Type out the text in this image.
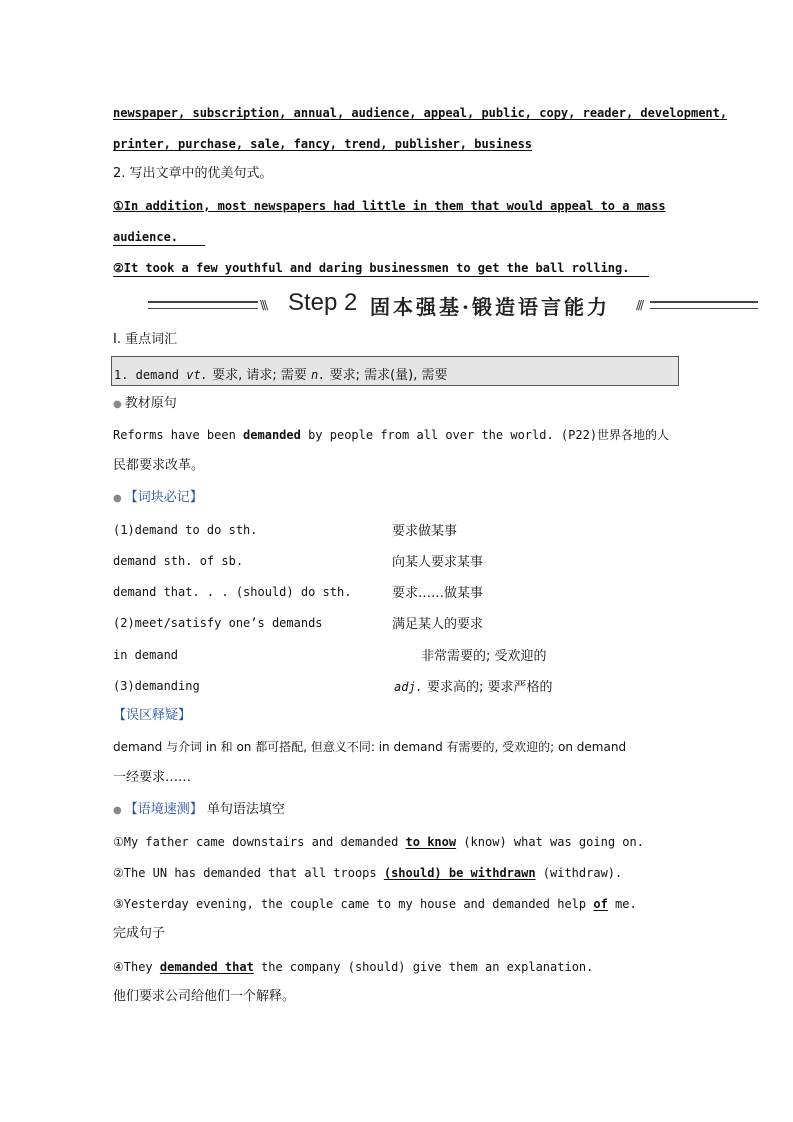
newspaper, subscription, annual, audience, appeal, public, copy, reader, development,
printer, purchase, sale, fancy, trend, publisher, business
2. 写出文章中的优美句式。
①In addition, most newspapers had little in them that would appeal to a mass
audience.
②It took a few youthful and daring businessmen to get the ball rolling.
\\\ Step 2 固本强基·锻造语言能力 ///
Ⅰ. 重点词汇
1. demand vt. 要求, 请求; 需要 n. 要求; 需求(量), 需要
● 教材原句
Reforms have been demanded by people from all over the world. (P22)世界各地的人
民都要求改革。
● 【词块必记】
(1)demand to do sth.	要求做某事
demand sth. of sb.	向某人要求某事
demand that. . . (should) do sth.	要求……做某事
(2)meet/satisfy one’s demands	满足某人的要求
in demand	非常需要的; 受欢迎的
(3)demanding	adj. 要求高的; 要求严格的
【误区释疑】
demand 与介词 in 和 on 都可搭配, 但意义不同: in demand 有需要的, 受欢迎的; on demand
一经要求……
● 【语境速测】 单句语法填空
①My father came downstairs and demanded to know (know) what was going on.
②The UN has demanded that all troops (should) be withdrawn (withdraw).
③Yesterday evening, the couple came to my house and demanded help of me.
完成句子
④They demanded that the company (should) give them an explanation.
他们要求公司给他们一个解释。
